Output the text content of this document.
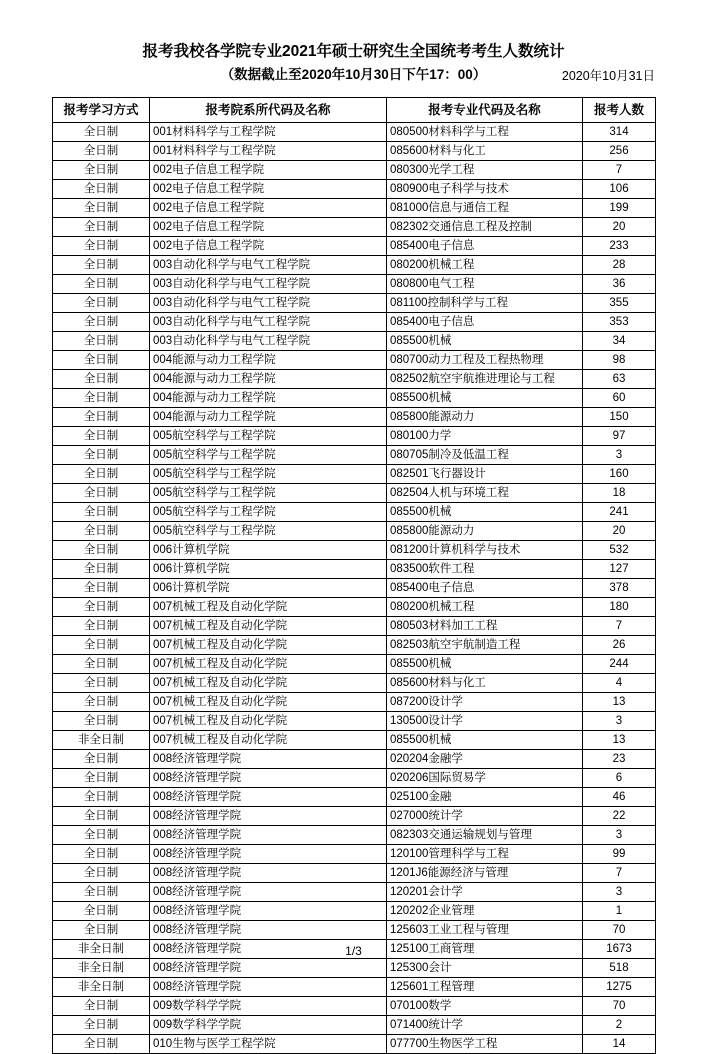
报考我校各学院专业2021年硕士研究生全国统考考生人数统计
（数据截止至2020年10月30日下午17：00）	2020年10月31日
报考学习方式	报考院系所代码及名称	报考专业代码及名称	报考人数
全日制	001材料科学与工程学院	080500材料科学与工程	314
全日制	001材料科学与工程学院	085600材料与化工	256
全日制	002电子信息工程学院	080300光学工程	7
全日制	002电子信息工程学院	080900电子科学与技术	106
全日制	002电子信息工程学院	081000信息与通信工程	199
全日制	002电子信息工程学院	082302交通信息工程及控制	20
全日制	002电子信息工程学院	085400电子信息	233
全日制	003自动化科学与电气工程学院	080200机械工程	28
全日制	003自动化科学与电气工程学院	080800电气工程	36
全日制	003自动化科学与电气工程学院	081100控制科学与工程	355
全日制	003自动化科学与电气工程学院	085400电子信息	353
全日制	003自动化科学与电气工程学院	085500机械	34
全日制	004能源与动力工程学院	080700动力工程及工程热物理	98
全日制	004能源与动力工程学院	082502航空宇航推进理论与工程	63
全日制	004能源与动力工程学院	085500机械	60
全日制	004能源与动力工程学院	085800能源动力	150
全日制	005航空科学与工程学院	080100力学	97
全日制	005航空科学与工程学院	080705制冷及低温工程	3
全日制	005航空科学与工程学院	082501飞行器设计	160
全日制	005航空科学与工程学院	082504人机与环境工程	18
全日制	005航空科学与工程学院	085500机械	241
全日制	005航空科学与工程学院	085800能源动力	20
全日制	006计算机学院	081200计算机科学与技术	532
全日制	006计算机学院	083500软件工程	127
全日制	006计算机学院	085400电子信息	378
全日制	007机械工程及自动化学院	080200机械工程	180
全日制	007机械工程及自动化学院	080503材料加工工程	7
全日制	007机械工程及自动化学院	082503航空宇航制造工程	26
全日制	007机械工程及自动化学院	085500机械	244
全日制	007机械工程及自动化学院	085600材料与化工	4
全日制	007机械工程及自动化学院	087200设计学	13
全日制	007机械工程及自动化学院	130500设计学	3
非全日制	007机械工程及自动化学院	085500机械	13
全日制	008经济管理学院	020204金融学	23
全日制	008经济管理学院	020206国际贸易学	6
全日制	008经济管理学院	025100金融	46
全日制	008经济管理学院	027000统计学	22
全日制	008经济管理学院	082303交通运输规划与管理	3
全日制	008经济管理学院	120100管理科学与工程	99
全日制	008经济管理学院	1201J6能源经济与管理	7
全日制	008经济管理学院	120201会计学	3
全日制	008经济管理学院	120202企业管理	1
全日制	008经济管理学院	125603工业工程与管理	70
非全日制	008经济管理学院	125100工商管理	1673
非全日制	008经济管理学院	125300会计	518
非全日制	008经济管理学院	125601工程管理	1275
全日制	009数学科学学院	070100数学	70
全日制	009数学科学学院	071400统计学	2
全日制	010生物与医学工程学院	077700生物医学工程	14
1/3
